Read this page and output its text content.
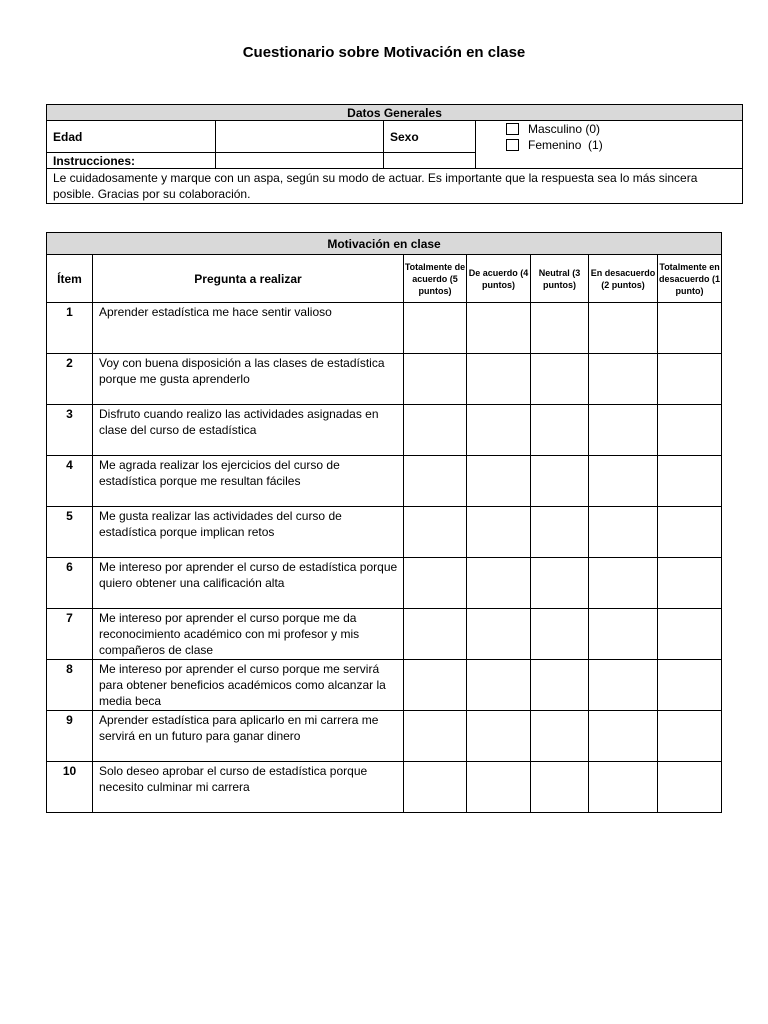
Cuestionario sobre Motivación en clase
Datos Generales			
Edad		Sexo	Masculino (0)
Femenino  (1)

Instrucciones:			
Le cuidadosamente y marque con un aspa, según su modo de actuar. Es importante que la respuesta sea lo más sincera posible. Gracias por su colaboración.			
Motivación en clase						
Ítem	Pregunta a realizar	Totalmente de acuerdo (5 puntos)	De acuerdo (4 puntos)	Neutral (3 puntos)	En desacuerdo (2 puntos)	Totalmente en desacuerdo (1 punto)
1	Aprender estadística me hace sentir valioso					
2	Voy con buena disposición a las clases de estadística porque me gusta aprenderlo					
3	Disfruto cuando realizo las actividades asignadas en clase del curso de estadística					
4	Me agrada realizar los ejercicios del curso de estadística porque me resultan fáciles					
5	Me gusta realizar las actividades del curso de estadística porque implican retos					
6	Me intereso por aprender el curso de estadística porque quiero obtener una calificación alta					
7	Me intereso por aprender el curso porque me da reconocimiento académico con mi profesor y mis compañeros de clase					
8	Me intereso por aprender el curso porque me servirá para obtener beneficios académicos como alcanzar la media beca					
9	Aprender estadística para aplicarlo en mi carrera me servirá en un futuro para ganar dinero					
10	Solo deseo aprobar el curso de estadística porque necesito culminar mi carrera					
